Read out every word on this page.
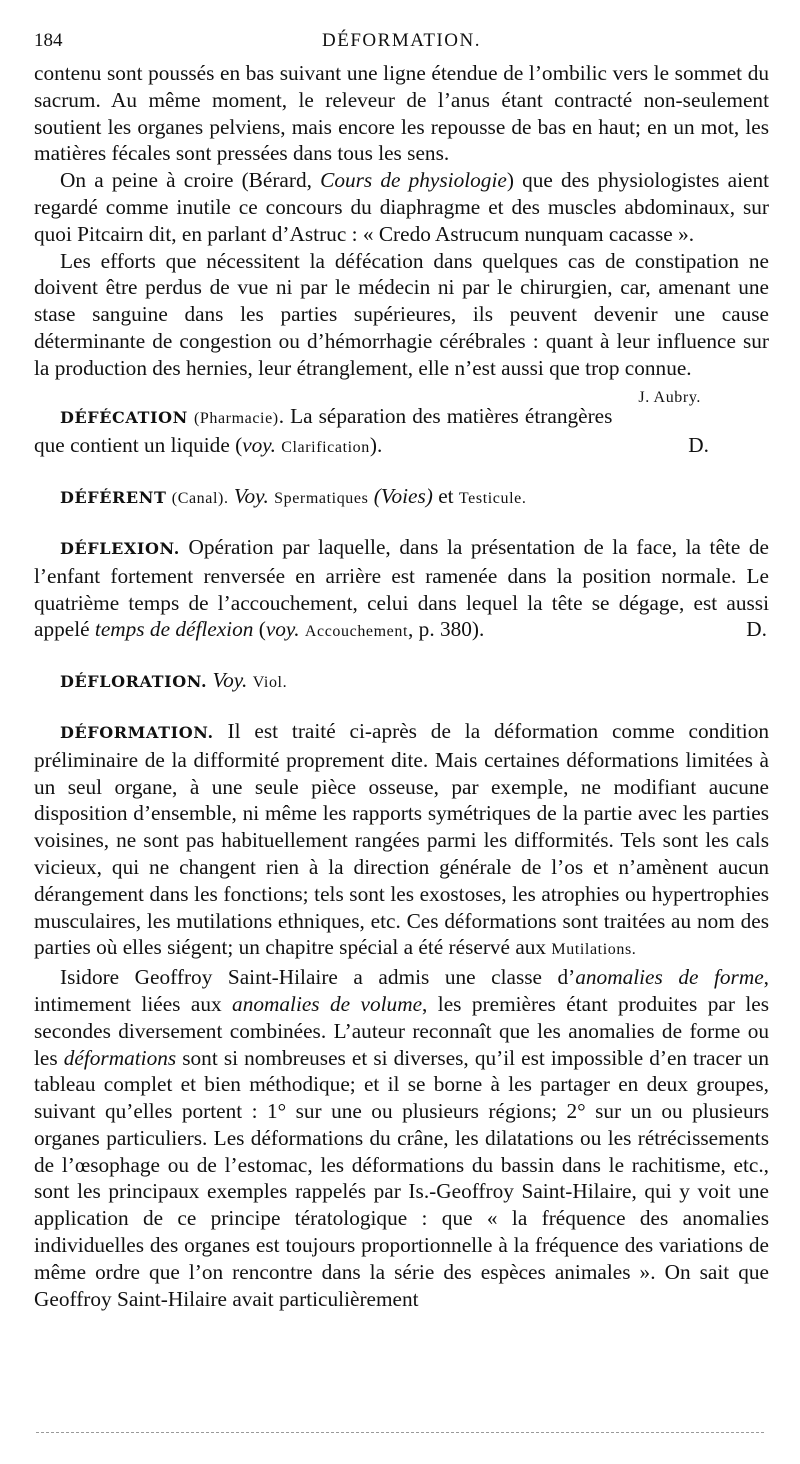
184	DÉFORMATION.

contenu sont poussés en bas suivant une ligne étendue de l’ombilic vers le sommet du sacrum. Au même moment, le releveur de l’anus étant contracté non-seulement soutient les organes pelviens, mais encore les repousse de bas en haut; en un mot, les matières fécales sont pressées dans tous les sens.

On a peine à croire (Bérard, Cours de physiologie) que des physiologistes aient regardé comme inutile ce concours du diaphragme et des muscles abdominaux, sur quoi Pitcairn dit, en parlant d’Astruc : « Credo Astrucum nunquam cacasse ».

Les efforts que nécessitent la défécation dans quelques cas de constipation ne doivent être perdus de vue ni par le médecin ni par le chirurgien, car, amenant une stase sanguine dans les parties supérieures, ils peuvent devenir une cause déterminante de congestion ou d’hémorrhagie cérébrales : quant à leur influence sur la production des hernies, leur étranglement, elle n’est aussi que trop connue.
J. Aubry.

DÉFÉCATION (Pharmacie). La séparation des matières étrangères que contient un liquide (voy. Clarification).	D.

DÉFÉRENT (Canal). Voy. Spermatiques (Voies) et Testicule.

DÉFLEXION. Opération par laquelle, dans la présentation de la face, la tête de l’enfant fortement renversée en arrière est ramenée dans la position normale. Le quatrième temps de l’accouchement, celui dans lequel la tête se dégage, est aussi appelé temps de déflexion (voy. Accouchement, p. 380).	D.

DÉFLORATION. Voy. Viol.

DÉFORMATION. Il est traité ci-après de la déformation comme condition préliminaire de la difformité proprement dite. Mais certaines déformations limitées à un seul organe, à une seule pièce osseuse, par exemple, ne modifiant aucune disposition d’ensemble, ni même les rapports symétriques de la partie avec les parties voisines, ne sont pas habituellement rangées parmi les difformités. Tels sont les cals vicieux, qui ne changent rien à la direction générale de l’os et n’amènent aucun dérangement dans les fonctions; tels sont les exostoses, les atrophies ou hypertrophies musculaires, les mutilations ethniques, etc. Ces déformations sont traitées au nom des parties où elles siégent; un chapitre spécial a été réservé aux Mutilations.

Isidore Geoffroy Saint-Hilaire a admis une classe d’anomalies de forme, intimement liées aux anomalies de volume, les premières étant produites par les secondes diversement combinées. L’auteur reconnaît que les anomalies de forme ou les déformations sont si nombreuses et si diverses, qu’il est impossible d’en tracer un tableau complet et bien méthodique; et il se borne à les partager en deux groupes, suivant qu’elles portent : 1° sur une ou plusieurs régions; 2° sur un ou plusieurs organes particuliers. Les déformations du crâne, les dilatations ou les rétrécissements de l’œsophage ou de l’estomac, les déformations du bassin dans le rachitisme, etc., sont les principaux exemples rappelés par Is.-Geoffroy Saint-Hilaire, qui y voit une application de ce principe tératologique : que « la fréquence des anomalies individuelles des organes est toujours proportionnelle à la fréquence des variations de même ordre que l’on rencontre dans la série des espèces animales ». On sait que Geoffroy Saint-Hilaire avait particulièrement
